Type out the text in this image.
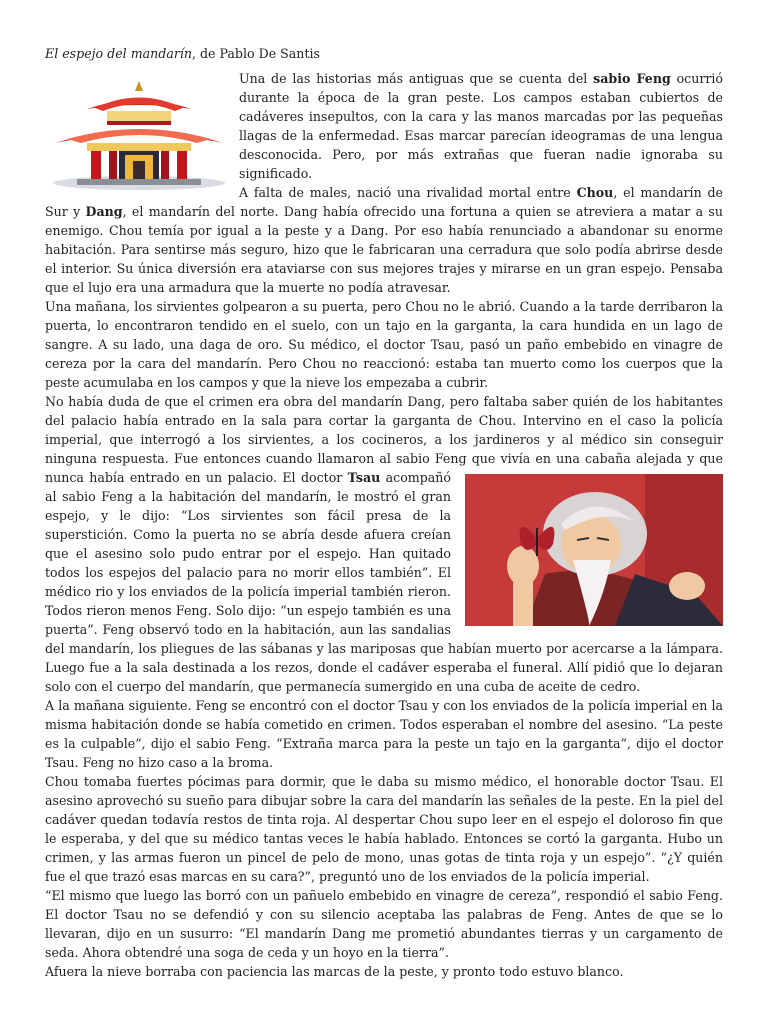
El espejo del mandarín, de Pablo De Santis

Una de las historias más antiguas que se cuenta del sabio Feng ocurrió durante la época de la gran peste. Los campos estaban cubiertos de cadáveres insepultos, con la cara y las manos marcadas por las pequeñas llagas de la enfermedad. Esas marcar parecían ideogramas de una lengua desconocida. Pero, por más extrañas que fueran nadie ignoraba su significado.

A falta de males, nació una rivalidad mortal entre Chou, el mandarín de Sur y Dang, el mandarín del norte. Dang había ofrecido una fortuna a quien se atreviera a matar a su enemigo. Chou temía por igual a la peste y a Dang. Por eso había renunciado a abandonar su enorme habitación. Para sentirse más seguro, hizo que le fabricaran una cerradura que solo podía abrirse desde el interior. Su única diversión era ataviarse con sus mejores trajes y mirarse en un gran espejo. Pensaba que el lujo era una armadura que la muerte no podía atravesar.

Una mañana, los sirvientes golpearon a su puerta, pero Chou no le abrió. Cuando a la tarde derribaron la puerta, lo encontraron tendido en el suelo, con un tajo en la garganta, la cara hundida en un lago de sangre. A su lado, una daga de oro. Su médico, el doctor Tsau, pasó un paño embebido en vinagre de cereza por la cara del mandarín. Pero Chou no reaccionó: estaba tan muerto como los cuerpos que la peste acumulaba en los campos y que la nieve los empezaba a cubrir.

No había duda de que el crimen era obra del mandarín Dang, pero faltaba saber quién de los habitantes del palacio había entrado en la sala para cortar la garganta de Chou. Intervino en el caso la policía imperial, que interrogó a los sirvientes, a los cocineros, a los jardineros y al médico sin conseguir ninguna respuesta. Fue entonces cuando llamaron al sabio Feng que vivía en una cabaña alejada y que nunca había entrado en un palacio. El doctor Tsau
acompañó al sabio Feng a la habitación del mandarín, le mostró el gran espejo, y le dijo: “Los sirvientes son fácil presa de la superstición. Como la puerta no se abría desde afuera creían que el asesino solo pudo entrar por el espejo. Han quitado todos los espejos del palacio para no morir ellos también”. El médico rio y los enviados de la policía imperial también rieron. Todos rieron menos Feng. Solo dijo: “un espejo también es una puerta”. Feng observó todo en la habitación, aun las sandalias del mandarín, los pliegues de las sábanas y las mariposas que habían muerto por acercarse a la lámpara. Luego fue a la sala destinada a los rezos, donde el cadáver esperaba el funeral. Allí pidió que lo dejaran solo con el cuerpo del mandarín, que permanecía sumergido en una cuba de aceite de cedro.

A la mañana siguiente. Feng se encontró con el doctor Tsau y con los enviados de la policía imperial en la misma habitación donde se había cometido en crimen. Todos esperaban el nombre del asesino. “La peste es la culpable”, dijo el sabio Feng. “Extraña marca para la peste un tajo en la garganta”, dijo el doctor Tsau. Feng no hizo caso a la broma.

Chou tomaba fuertes pócimas para dormir, que le daba su mismo médico, el honorable doctor Tsau. El asesino aprovechó su sueño para dibujar sobre la cara del mandarín las señales de la peste. En la piel del cadáver quedan todavía restos de tinta roja. Al despertar Chou supo leer en el espejo el doloroso fin que le esperaba, y del que su médico tantas veces le había hablado. Entonces se cortó la garganta. Hubo un crimen, y las armas fueron un pincel de pelo de mono, unas gotas de tinta roja y un espejo”. “¿Y quién fue el que trazó esas marcas en su cara?”, preguntó uno de los enviados de la policía imperial.

“El mismo que luego las borró con un pañuelo embebido en vinagre de cereza”, respondió el sabio Feng. El doctor Tsau no se defendió y con su silencio aceptaba las palabras de Feng. Antes de que se lo llevaran, dijo en un susurro: “El mandarín Dang me prometió abundantes tierras y un cargamento de seda. Ahora obtendré una soga de ceda y un hoyo en la tierra”.

Afuera la nieve borraba con paciencia las marcas de la peste, y pronto todo estuvo blanco.
